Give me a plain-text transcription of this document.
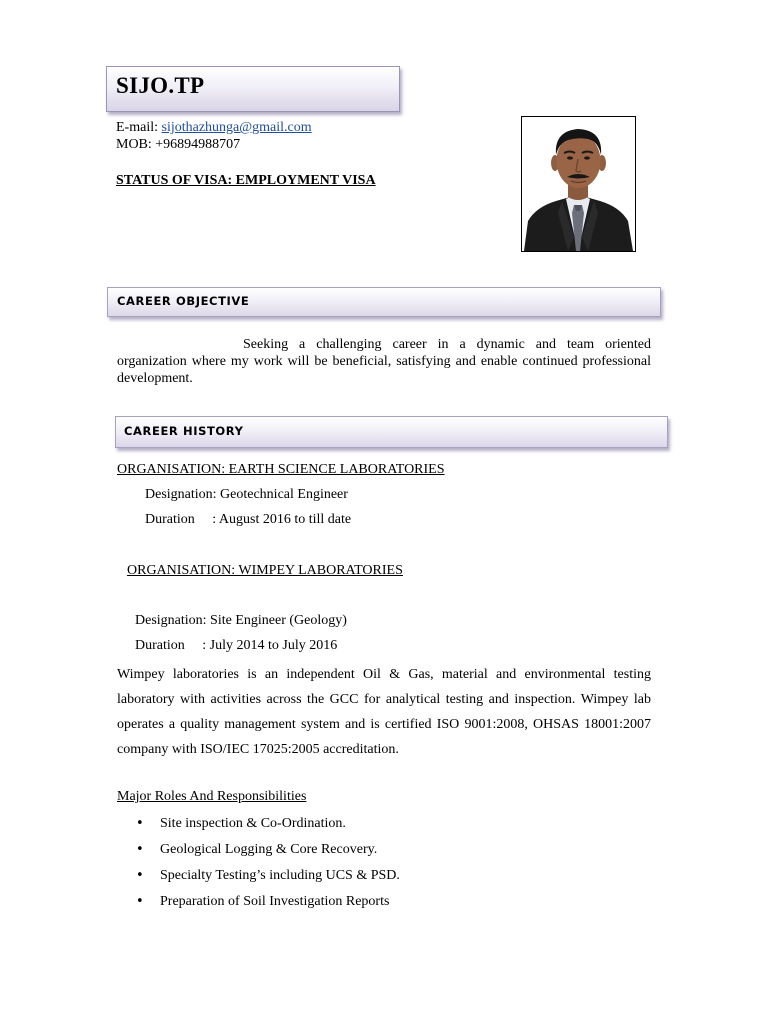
SIJO.TP
E-mail: sijothazhunga@gmail.com
MOB: +96894988707
STATUS OF VISA: EMPLOYMENT VISA
CAREER OBJECTIVE
Seeking a challenging career in a dynamic and team oriented organization where my work will be beneficial, satisfying and enable continued professional development.
CAREER HISTORY
ORGANISATION: EARTH SCIENCE LABORATORIES
Designation: Geotechnical Engineer
Duration     : August 2016 to till date
ORGANISATION: WIMPEY LABORATORIES
Designation: Site Engineer (Geology)
Duration     : July 2014 to July 2016
Wimpey laboratories is an independent Oil & Gas, material and environmental testing laboratory with activities across the GCC for analytical testing and inspection. Wimpey lab operates a quality management system and is certified ISO 9001:2008, OHSAS 18001:2007 company with ISO/IEC 17025:2005 accreditation.
Major Roles And Responsibilities
• Site inspection & Co-Ordination.
• Geological Logging & Core Recovery.
• Specialty Testing’s including UCS & PSD.
• Preparation of Soil Investigation Reports
